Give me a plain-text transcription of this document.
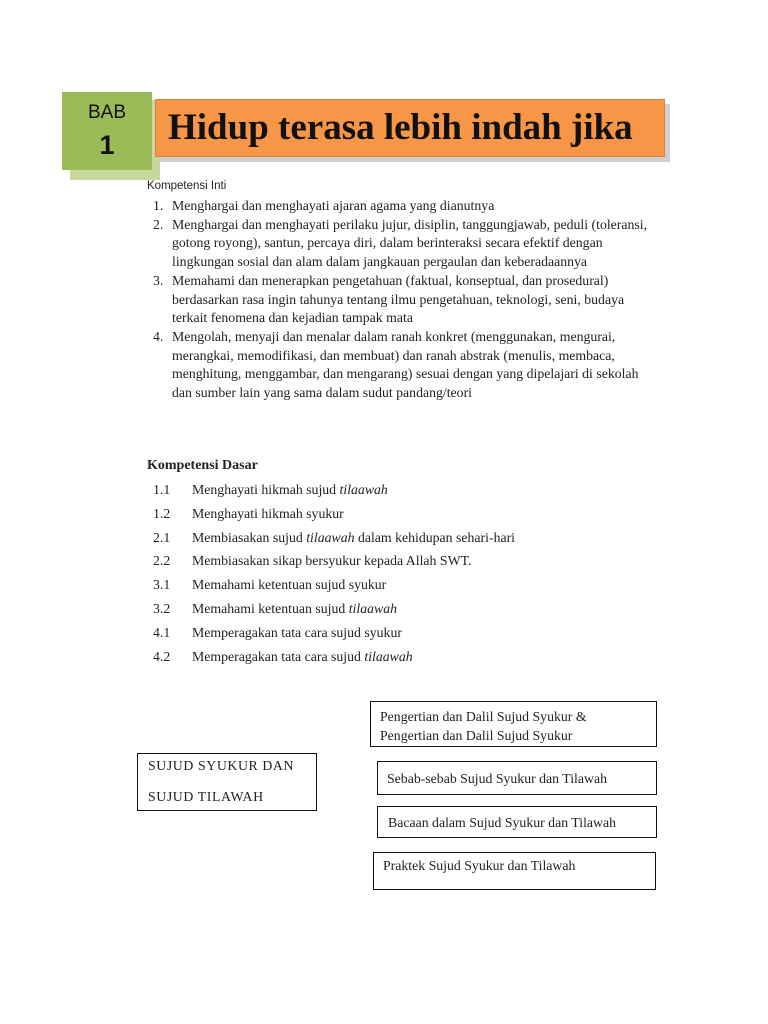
BAB
1	Hidup terasa lebih indah jika
Kompetensi Inti
1. Menghargai dan menghayati ajaran agama yang dianutnya
2. Menghargai dan menghayati perilaku jujur, disiplin, tanggungjawab, peduli (toleransi, gotong royong), santun, percaya diri, dalam berinteraksi secara efektif dengan lingkungan sosial dan alam dalam jangkauan pergaulan dan keberadaannya
3. Memahami dan menerapkan pengetahuan (faktual, konseptual, dan prosedural) berdasarkan rasa ingin tahunya tentang ilmu pengetahuan, teknologi, seni, budaya terkait fenomena dan kejadian tampak mata
4. Mengolah, menyaji dan menalar dalam ranah konkret (menggunakan, mengurai, merangkai, memodifikasi, dan membuat) dan ranah abstrak (menulis, membaca, menghitung, menggambar, dan mengarang) sesuai dengan yang dipelajari di sekolah dan sumber lain yang sama dalam sudut pandang/teori
Kompetensi Dasar
1.1 Menghayati hikmah sujud tilaawah
1.2 Menghayati hikmah syukur
2.1 Membiasakan sujud tilaawah dalam kehidupan sehari-hari
2.2 Membiasakan sikap bersyukur kepada Allah SWT.
3.1 Memahami ketentuan sujud syukur
3.2 Memahami ketentuan sujud tilaawah
4.1 Memperagakan tata cara sujud syukur
4.2 Memperagakan tata cara sujud tilaawah
SUJUD SYUKUR DAN
SUJUD TILAWAH
Pengertian dan Dalil Sujud Syukur &
Pengertian dan Dalil Sujud Syukur
Sebab-sebab Sujud Syukur dan Tilawah
Bacaan dalam Sujud Syukur dan Tilawah
Praktek Sujud Syukur dan Tilawah
